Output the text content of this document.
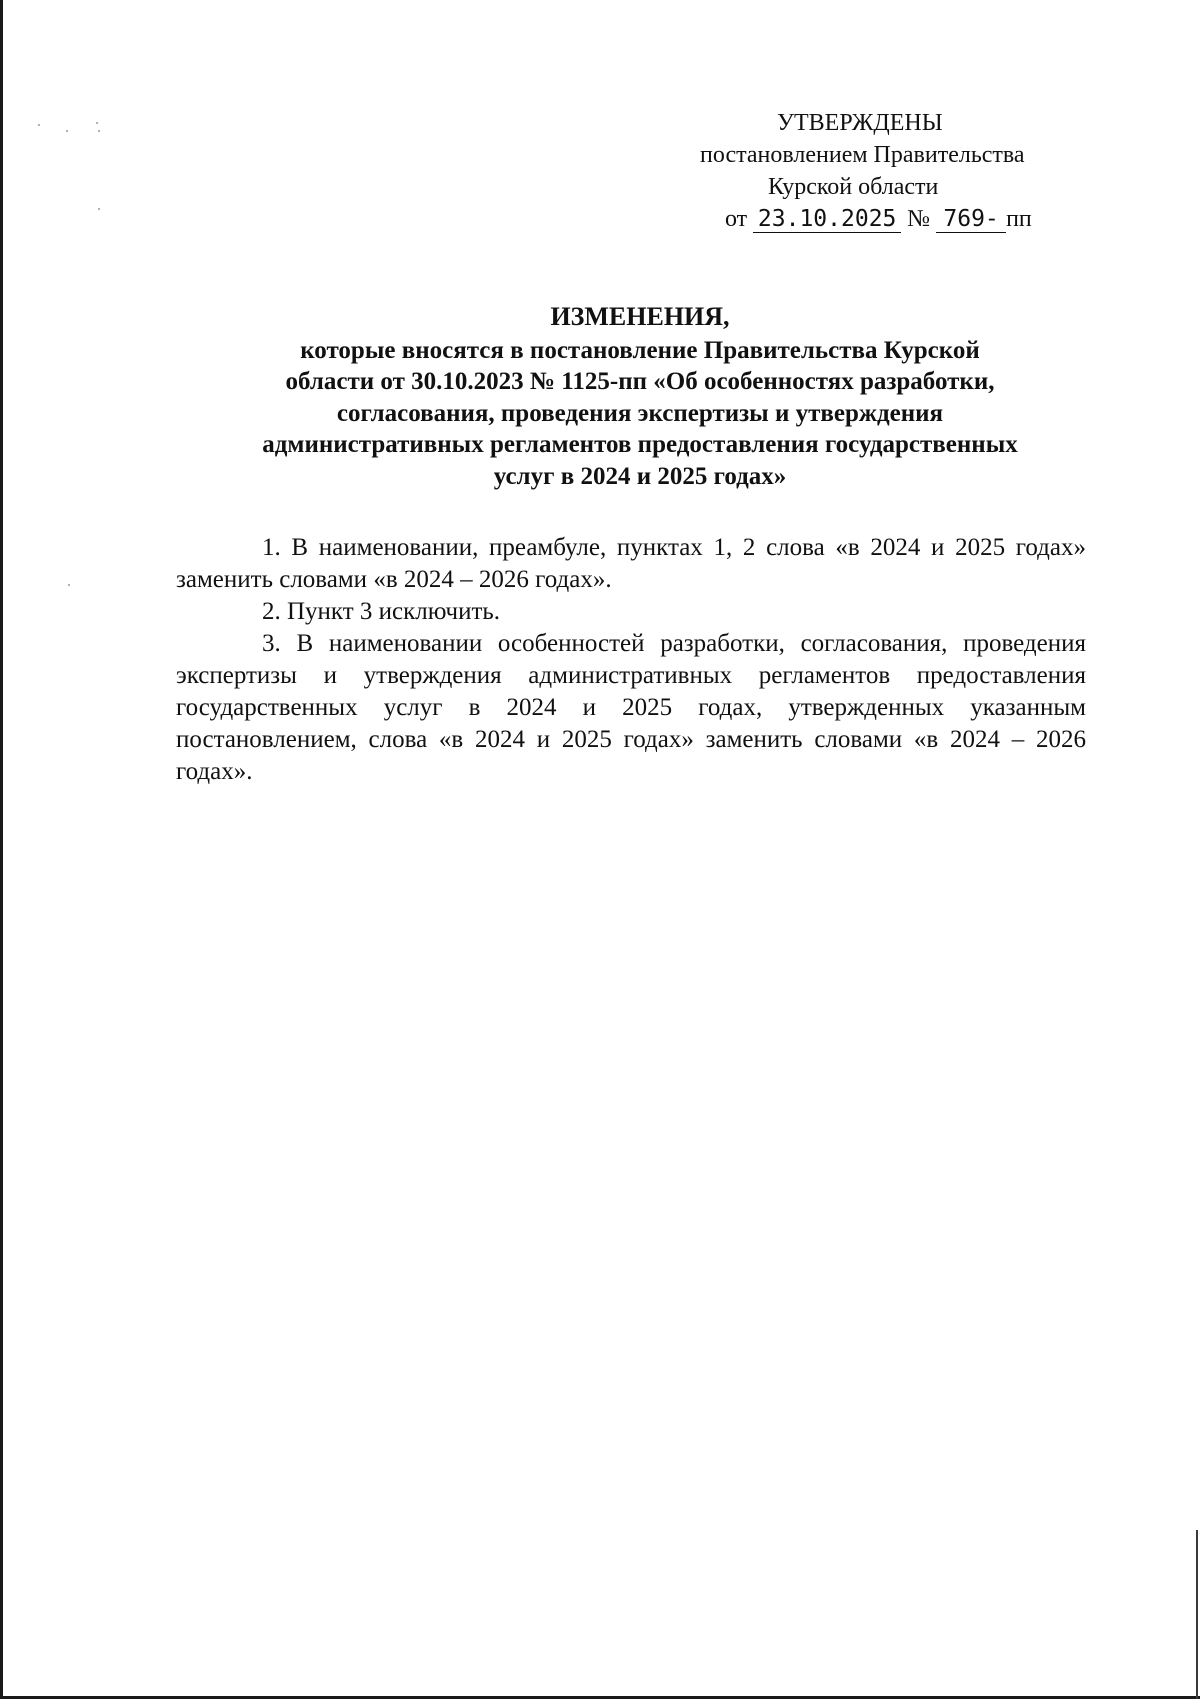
УТВЕРЖДЕНЫ
постановлением Правительства
Курской области
от 23.10.2025 № 769- пп
ИЗМЕНЕНИЯ,
которые вносятся в постановление Правительства Курской
области от 30.10.2023 № 1125-пп «Об особенностях разработки,
согласования, проведения экспертизы и утверждения
административных регламентов предоставления государственных
услуг в 2024 и 2025 годах»
1. В наименовании, преамбуле, пунктах 1, 2 слова «в 2024 и 2025 годах» заменить словами «в 2024 – 2026 годах».
2. Пункт 3 исключить.
3. В наименовании особенностей разработки, согласования, проведения экспертизы и утверждения административных регламентов предоставления государственных услуг в 2024 и 2025 годах, утвержденных указанным постановлением, слова «в 2024 и 2025 годах» заменить словами «в 2024 – 2026 годах».
